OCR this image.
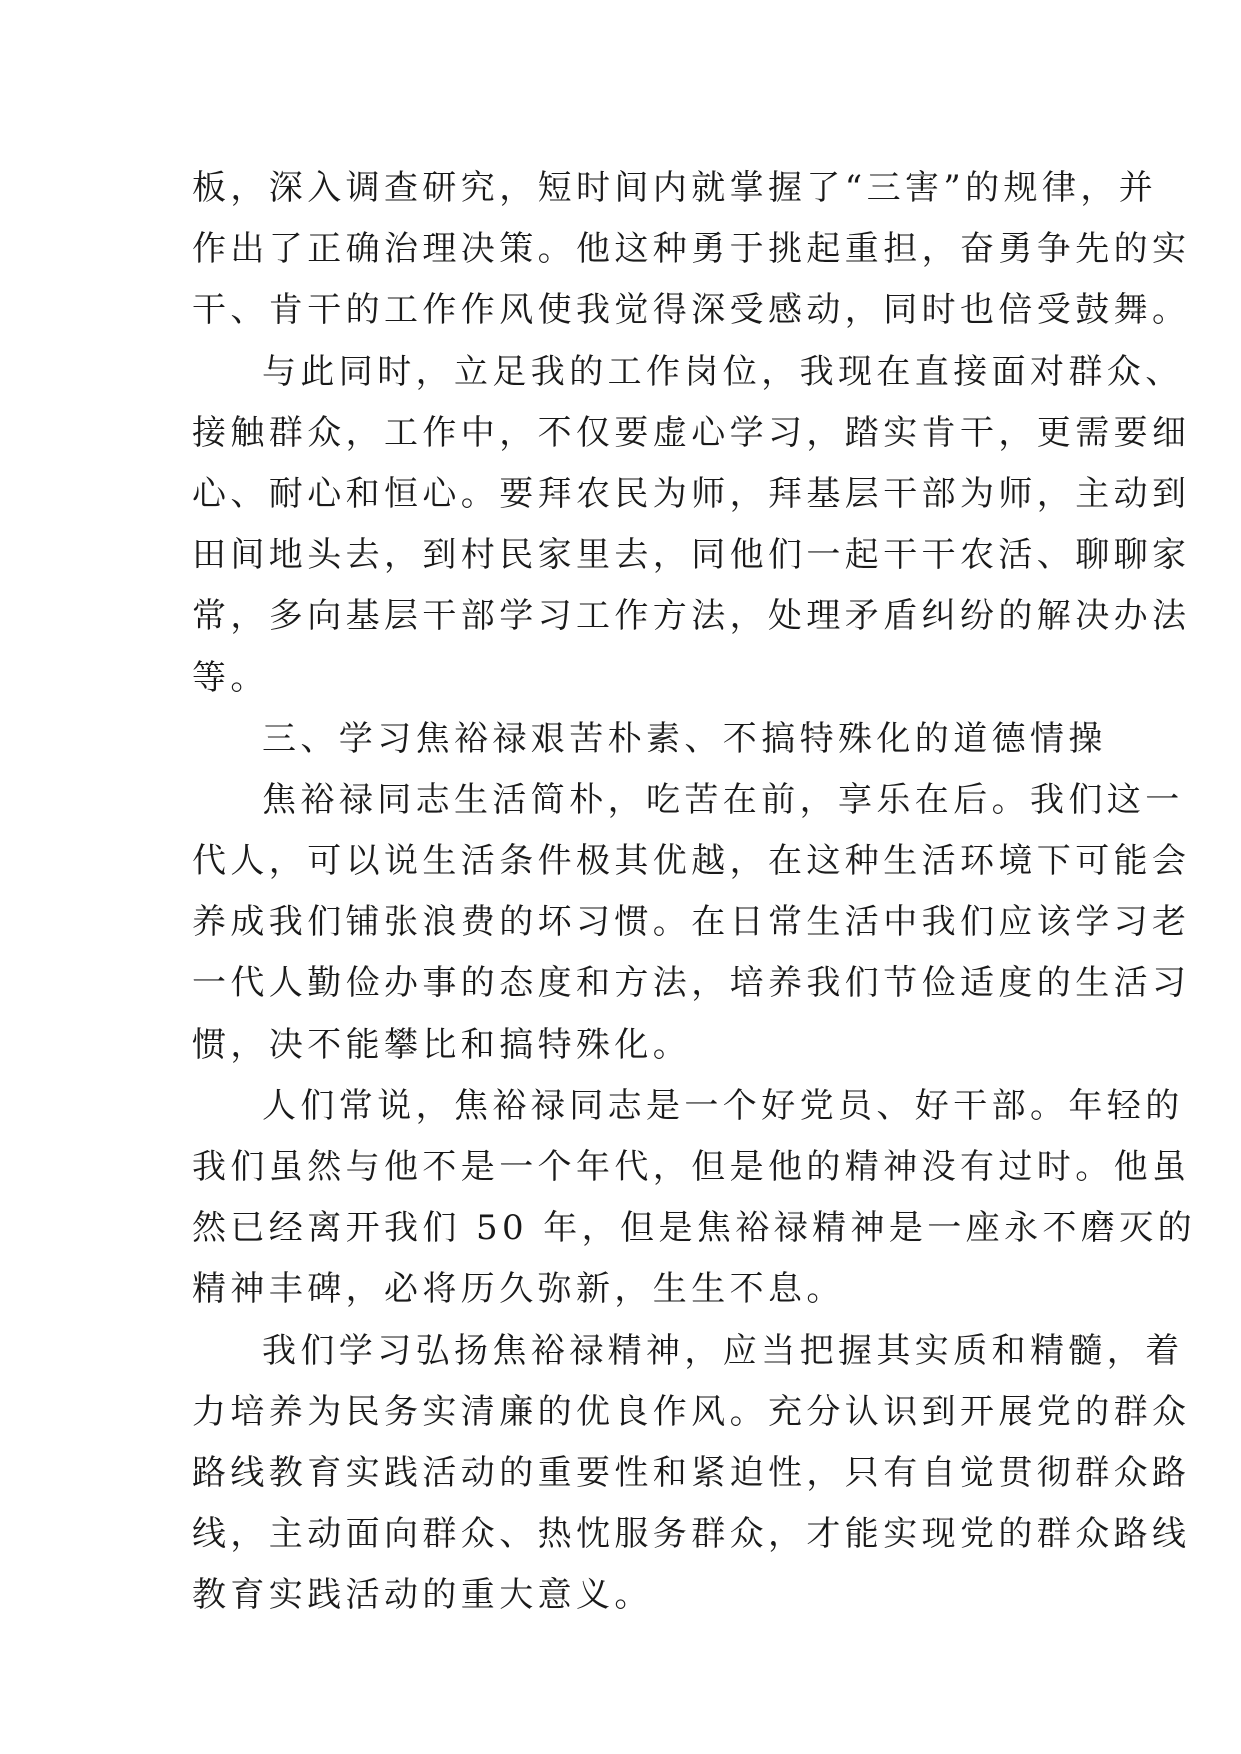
板，深入调查研究，短时间内就掌握了“三害”的规律，并
作出了正确治理决策。他这种勇于挑起重担，奋勇争先的实
干、肯干的工作作风使我觉得深受感动，同时也倍受鼓舞。
与此同时，立足我的工作岗位，我现在直接面对群众、
接触群众，工作中，不仅要虚心学习，踏实肯干，更需要细
心、耐心和恒心。要拜农民为师，拜基层干部为师，主动到
田间地头去，到村民家里去，同他们一起干干农活、聊聊家
常，多向基层干部学习工作方法，处理矛盾纠纷的解决办法
等。
三、学习焦裕禄艰苦朴素、不搞特殊化的道德情操
焦裕禄同志生活简朴，吃苦在前，享乐在后。我们这一
代人，可以说生活条件极其优越，在这种生活环境下可能会
养成我们铺张浪费的坏习惯。在日常生活中我们应该学习老
一代人勤俭办事的态度和方法，培养我们节俭适度的生活习
惯，决不能攀比和搞特殊化。
人们常说，焦裕禄同志是一个好党员、好干部。年轻的
我们虽然与他不是一个年代，但是他的精神没有过时。他虽
然已经离开我们 50 年，但是焦裕禄精神是一座永不磨灭的
精神丰碑，必将历久弥新，生生不息。
我们学习弘扬焦裕禄精神，应当把握其实质和精髓，着
力培养为民务实清廉的优良作风。充分认识到开展党的群众
路线教育实践活动的重要性和紧迫性，只有自觉贯彻群众路
线，主动面向群众、热忱服务群众，才能实现党的群众路线
教育实践活动的重大意义。
